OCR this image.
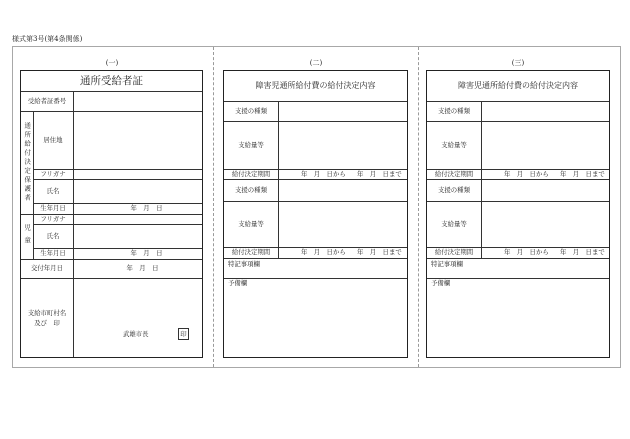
様式第3号(第4条関係)
(一)	(二)	(三)
通所受給者証
受給者証番号
通所給付決定保護者	居住地
フリガナ
氏名
生年月日	年　月　日
児童
フリガナ
氏名
生年月日	年　月　日
交付年月日	年　月　日
支給市町村名
及び　印
武雄市長	印
障害児通所給付費の給付決定内容
支援の種類
支給量等
給付決定期間	年　月　日から 年　月　日まで
支援の種類
支給量等
給付決定期間	年　月　日から 年　月　日まで
特記事項欄
予備欄
障害児通所給付費の給付決定内容
支援の種類
支給量等
給付決定期間	年　月　日から 年　月　日まで
支援の種類
支給量等
給付決定期間	年　月　日から 年　月　日まで
特記事項欄
予備欄
